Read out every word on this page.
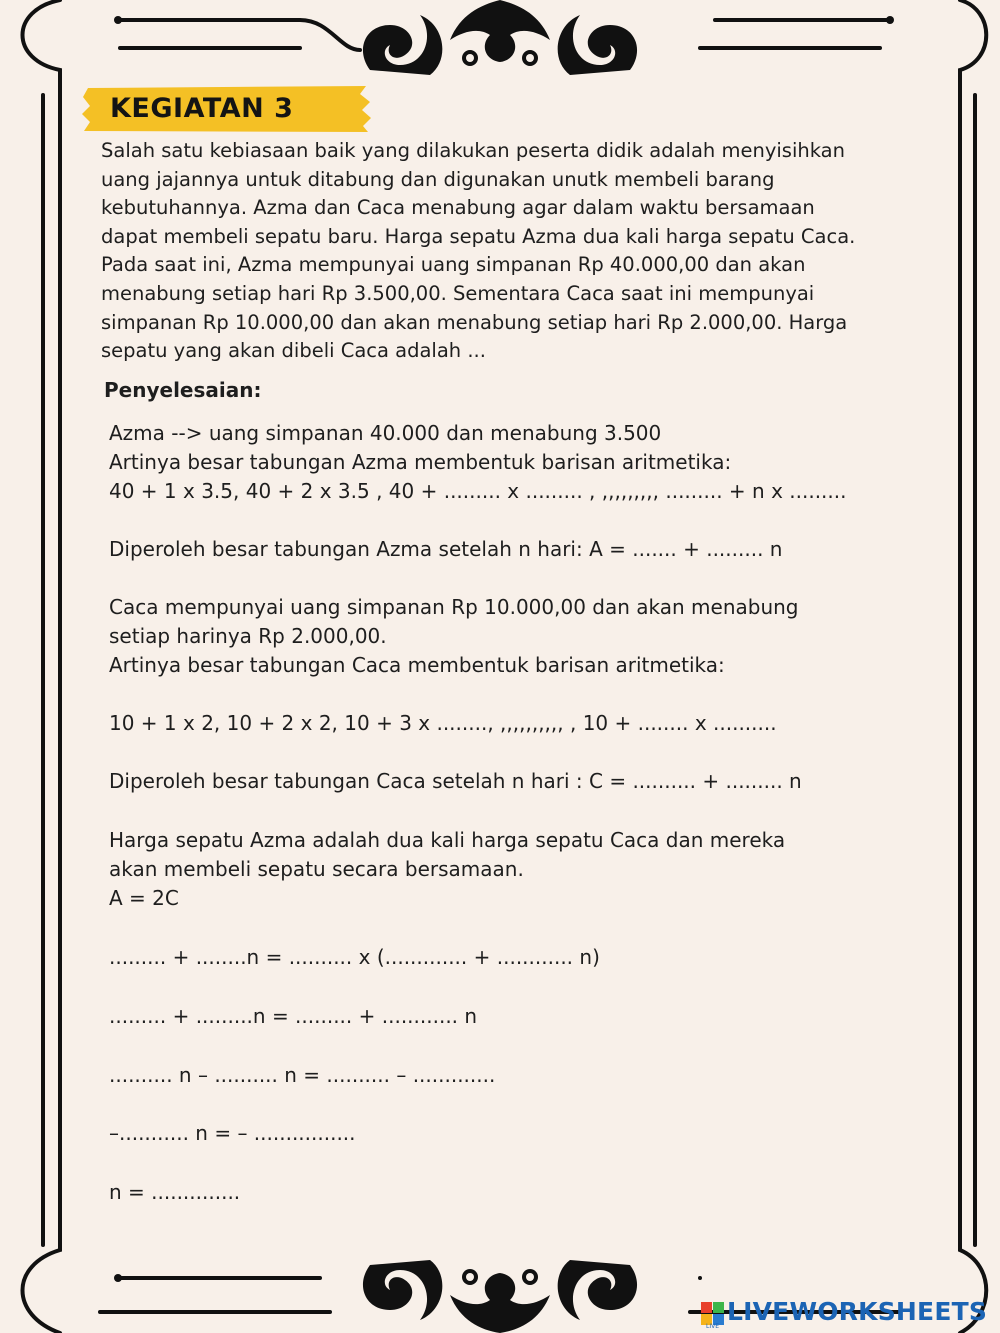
KEGIATAN 3
Salah satu kebiasaan baik yang dilakukan peserta didik adalah menyisihkan
uang jajannya untuk ditabung dan digunakan unutk membeli barang
kebutuhannya. Azma dan Caca menabung agar dalam waktu bersamaan
dapat membeli sepatu baru. Harga sepatu Azma dua kali harga sepatu Caca.
Pada saat ini, Azma mempunyai uang simpanan Rp 40.000,00 dan akan
menabung setiap hari Rp 3.500,00. Sementara Caca saat ini mempunyai
simpanan Rp 10.000,00 dan akan menabung setiap hari Rp 2.000,00. Harga
sepatu yang akan dibeli Caca adalah ...
Penyelesaian:
Azma --> uang simpanan 40.000 dan menabung 3.500
Artinya besar tabungan Azma membentuk barisan aritmetika:
40 + 1 x 3.5, 40 + 2 x 3.5 , 40 + ......... x ......... , ,,,,,,,,, ......... + n x .........
Diperoleh besar tabungan Azma setelah n hari: A = ....... + ......... n
Caca mempunyai uang simpanan Rp 10.000,00 dan akan menabung
setiap harinya Rp 2.000,00.
Artinya besar tabungan Caca membentuk barisan aritmetika:
10 + 1 x 2, 10 + 2 x 2, 10 + 3 x ........, ,,,,,,,,,, , 10 + ........ x ..........
Diperoleh besar tabungan Caca setelah n hari : C = .......... + ......... n
Harga sepatu Azma adalah dua kali harga sepatu Caca dan mereka
akan membeli sepatu secara bersamaan.
A = 2C
......... + ........n = .......... x (............. + ............ n)
......... + .........n = ......... + ............ n
.......... n – .......... n = .......... – .............
–........... n = – ................
n = ..............
LIVE
LIVEWORKSHEETS
